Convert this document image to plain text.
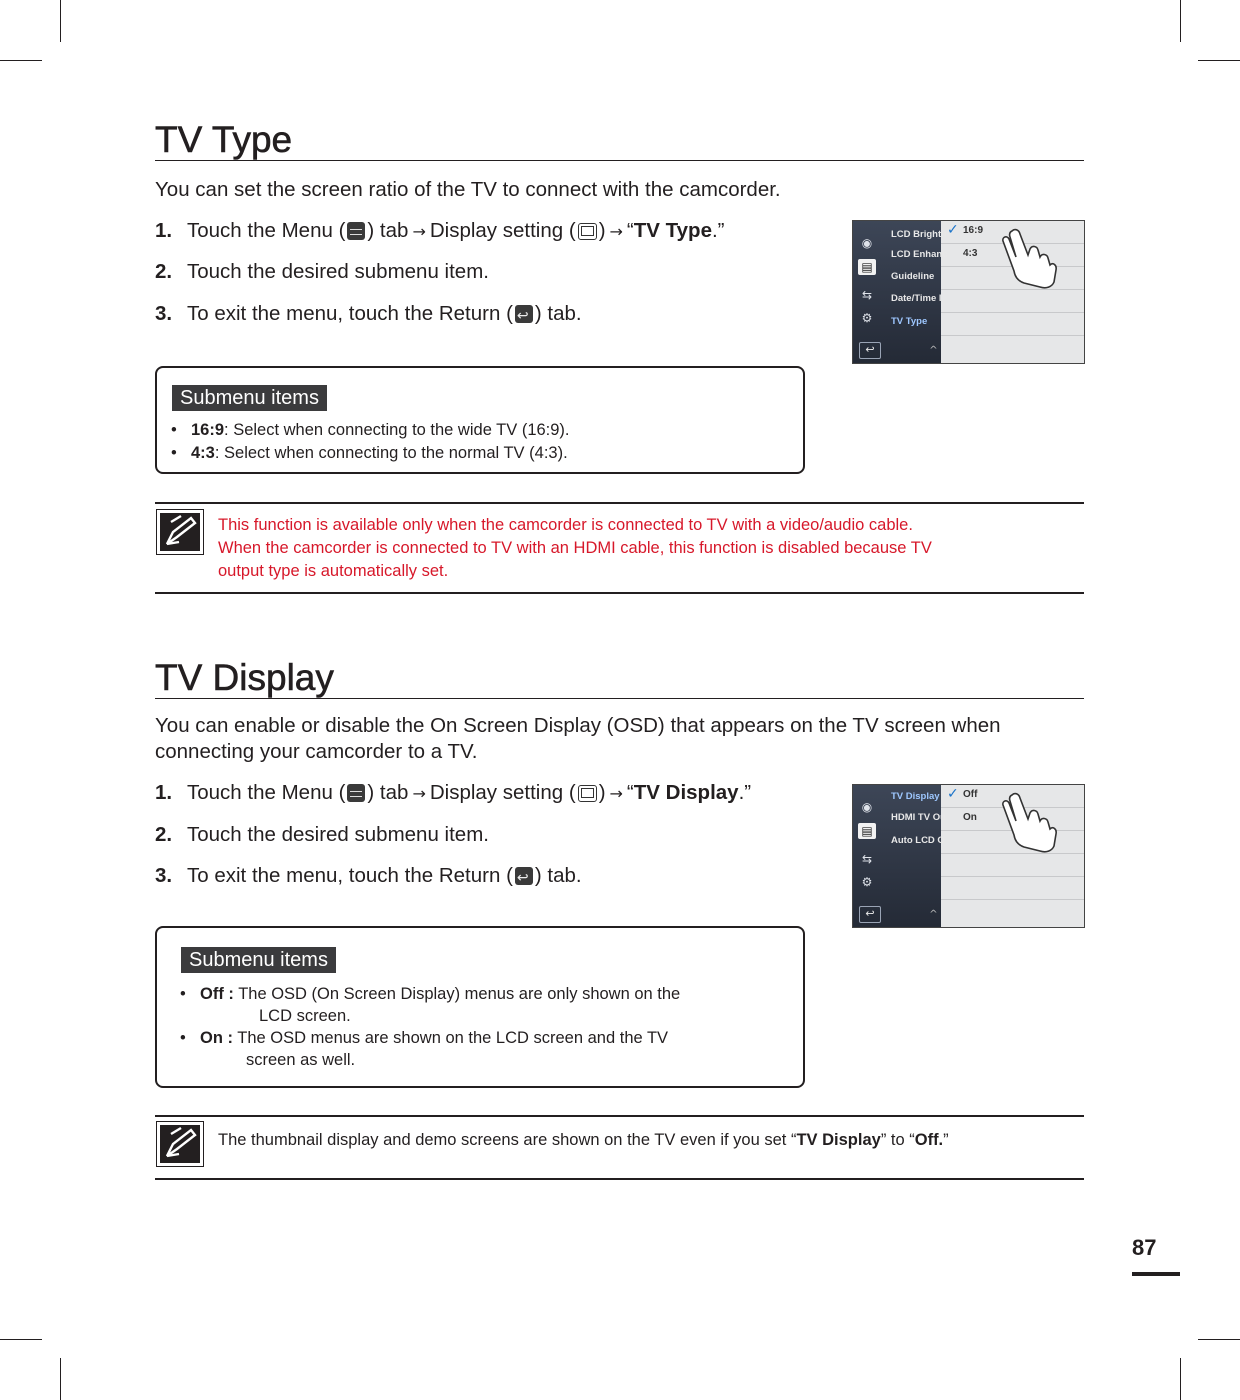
TV Type
You can set the screen ratio of the TV to connect with the camcorder.
1. Touch the Menu ( ) tab → Display setting ( ) → “TV Type.”
2. Touch the desired submenu item.
3. To exit the menu, touch the Return ( ↩ ) tab.
◉
▤
⇆
⚙
LCD Brightn
LCD Enhanc
Guideline
Date/Time I
TV Type
↩	^
✓ 16:9
4:3
Submenu items
• 16:9: Select when connecting to the wide TV (16:9).
• 4:3: Select when connecting to the normal TV (4:3).
This function is available only when the camcorder is connected to TV with a video/audio cable.
When the camcorder is connected to TV with an HDMI cable, this function is disabled because TV
output type is automatically set.
TV Display
You can enable or disable the On Screen Display (OSD) that appears on the TV screen when
connecting your camcorder to a TV.
1. Touch the Menu ( ) tab → Display setting ( ) → “TV Display.”
2. Touch the desired submenu item.
3. To exit the menu, touch the Return ( ↩ ) tab.
◉
▤
⇆
⚙
TV Display
HDMI TV Ou
Auto LCD O
↩	^
✓ Off
On
Submenu items
• Off : The OSD (On Screen Display) menus are only shown on the
LCD screen.
• On : The OSD menus are shown on the LCD screen and the TV
screen as well.
The thumbnail display and demo screens are shown on the TV even if you set “TV Display” to “Off.”
87
